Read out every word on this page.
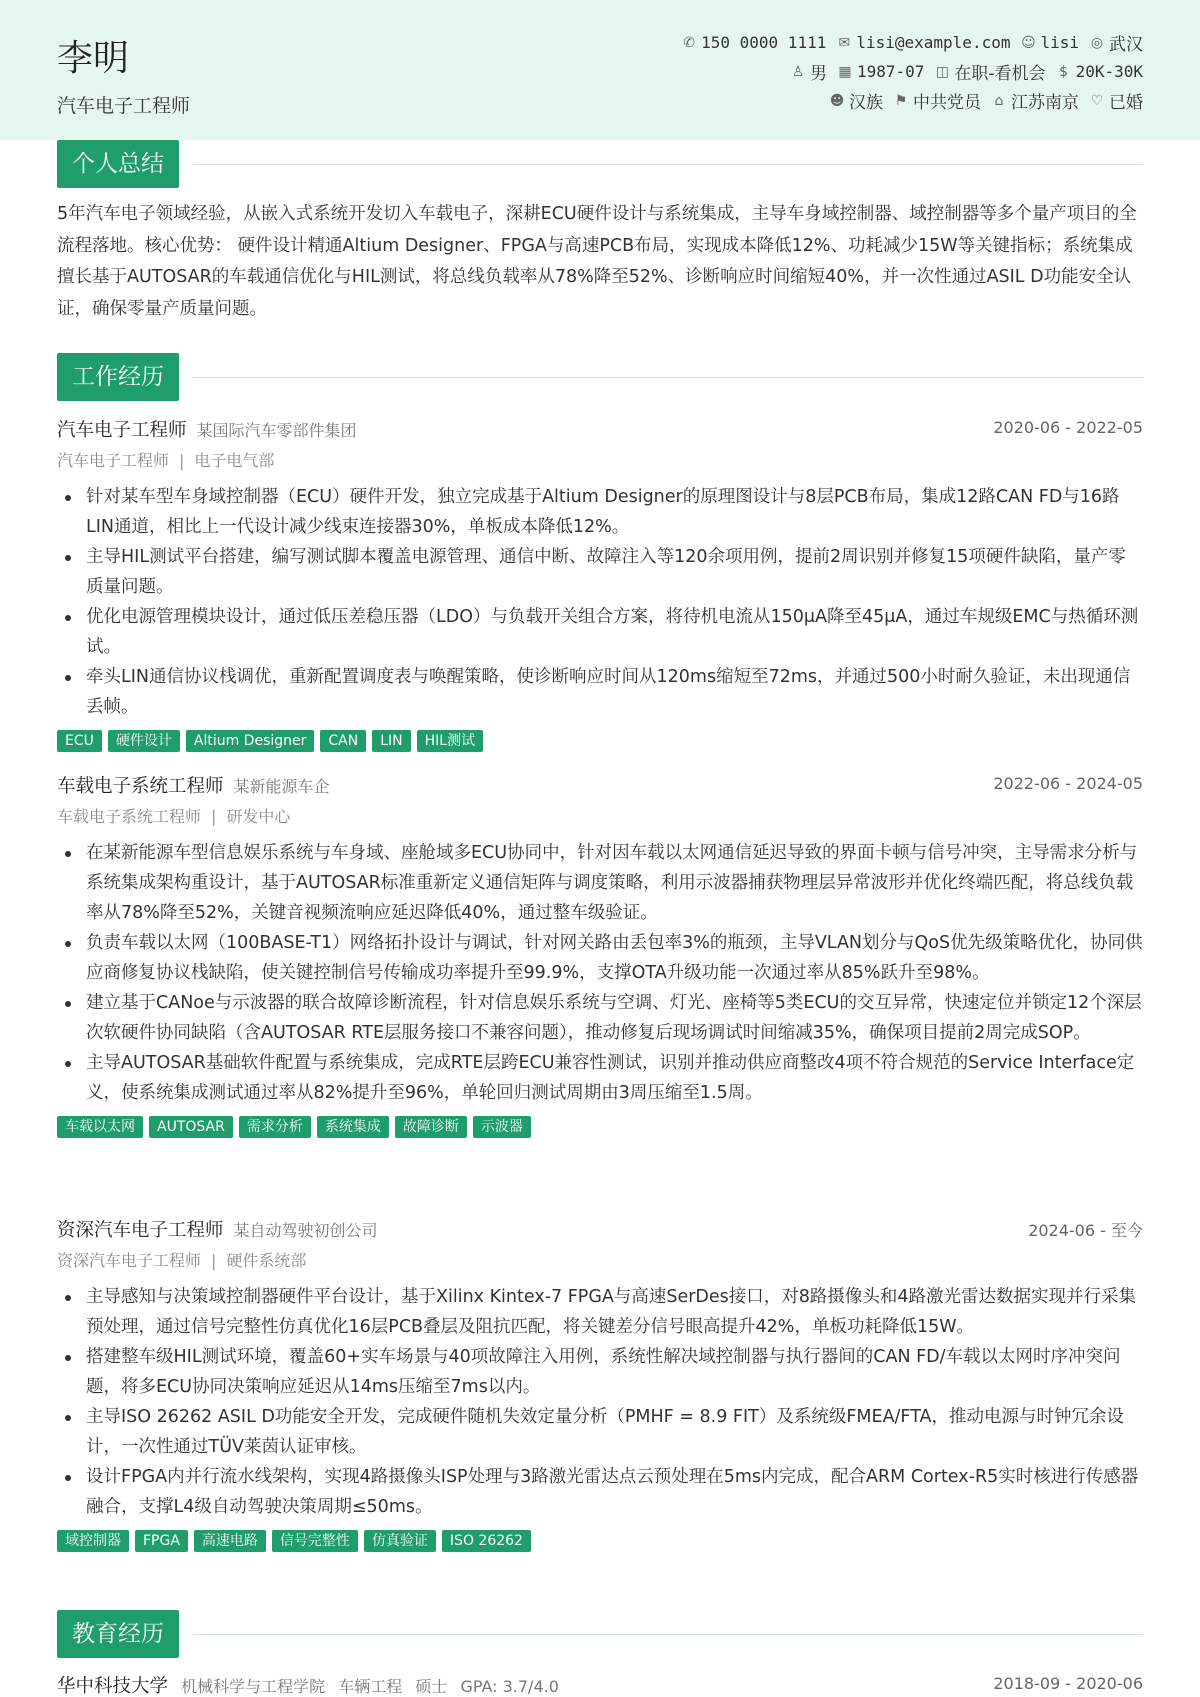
李明
汽车电子工程师
✆ 150 0000 1111 ✉ lisi@example.com ☺ lisi ◎ 武汉
♙ 男 ▦ 1987-07 ◫ 在职-看机会 $ 20K-30K
☻ 汉族 ⚑ 中共党员 ⌂ 江苏南京 ♡ 已婚
个人总结
5年汽车电子领域经验，从嵌入式系统开发切入车载电子，深耕ECU硬件设计与系统集成，主导车身域控制器、域控制器等多个量产项目的全流程落地。核心优势： 硬件设计精通Altium Designer、FPGA与高速PCB布局，实现成本降低12%、功耗减少15W等关键指标；系统集成擅长基于AUTOSAR的车载通信优化与HIL测试，将总线负载率从78%降至52%、诊断响应时间缩短40%，并一次性通过ASIL D功能安全认证，确保零量产质量问题。
工作经历
汽车电子工程师 某国际汽车零部件集团	2020-06 - 2022-05
汽车电子工程师 | 电子电气部
针对某车型车身域控制器（ECU）硬件开发，独立完成基于Altium Designer的原理图设计与8层PCB布局，集成12路CAN FD与16路LIN通道，相比上一代设计减少线束连接器30%，单板成本降低12%。
主导HIL测试平台搭建，编写测试脚本覆盖电源管理、通信中断、故障注入等120余项用例，提前2周识别并修复15项硬件缺陷，量产零质量问题。
优化电源管理模块设计，通过低压差稳压器（LDO）与负载开关组合方案，将待机电流从150μA降至45μA，通过车规级EMC与热循环测试。
牵头LIN通信协议栈调优，重新配置调度表与唤醒策略，使诊断响应时间从120ms缩短至72ms，并通过500小时耐久验证，未出现通信丢帧。
ECU	硬件设计	Altium Designer	CAN	LIN	HIL测试
车载电子系统工程师 某新能源车企	2022-06 - 2024-05
车载电子系统工程师 | 研发中心
在某新能源车型信息娱乐系统与车身域、座舱域多ECU协同中，针对因车载以太网通信延迟导致的界面卡顿与信号冲突，主导需求分析与系统集成架构重设计，基于AUTOSAR标准重新定义通信矩阵与调度策略，利用示波器捕获物理层异常波形并优化终端匹配，将总线负载率从78%降至52%，关键音视频流响应延迟降低40%，通过整车级验证。
负责车载以太网（100BASE-T1）网络拓扑设计与调试，针对网关路由丢包率3%的瓶颈，主导VLAN划分与QoS优先级策略优化，协同供应商修复协议栈缺陷，使关键控制信号传输成功率提升至99.9%，支撑OTA升级功能一次通过率从85%跃升至98%。
建立基于CANoe与示波器的联合故障诊断流程，针对信息娱乐系统与空调、灯光、座椅等5类ECU的交互异常，快速定位并锁定12个深层次软硬件协同缺陷（含AUTOSAR RTE层服务接口不兼容问题），推动修复后现场调试时间缩减35%，确保项目提前2周完成SOP。
主导AUTOSAR基础软件配置与系统集成，完成RTE层跨ECU兼容性测试，识别并推动供应商整改4项不符合规范的Service Interface定义，使系统集成测试通过率从82%提升至96%，单轮回归测试周期由3周压缩至1.5周。
车载以太网	AUTOSAR	需求分析	系统集成	故障诊断	示波器
资深汽车电子工程师 某自动驾驶初创公司	2024-06 - 至今
资深汽车电子工程师 | 硬件系统部
主导感知与决策域控制器硬件平台设计，基于Xilinx Kintex-7 FPGA与高速SerDes接口，对8路摄像头和4路激光雷达数据实现并行采集预处理，通过信号完整性仿真优化16层PCB叠层及阻抗匹配，将关键差分信号眼高提升42%，单板功耗降低15W。
搭建整车级HIL测试环境，覆盖60+实车场景与40项故障注入用例，系统性解决域控制器与执行器间的CAN FD/车载以太网时序冲突问题，将多ECU协同决策响应延迟从14ms压缩至7ms以内。
主导ISO 26262 ASIL D功能安全开发，完成硬件随机失效定量分析（PMHF = 8.9 FIT）及系统级FMEA/FTA，推动电源与时钟冗余设计，一次性通过TÜV莱茵认证审核。
设计FPGA内并行流水线架构，实现4路摄像头ISP处理与3路激光雷达点云预处理在5ms内完成，配合ARM Cortex-R5实时核进行传感器融合，支撑L4级自动驾驶决策周期≤50ms。
域控制器	FPGA	高速电路	信号完整性	仿真验证	ISO 26262
教育经历
华中科技大学 机械科学与工程学院 车辆工程 硕士 GPA: 3.7/4.0	2018-09 - 2020-06
